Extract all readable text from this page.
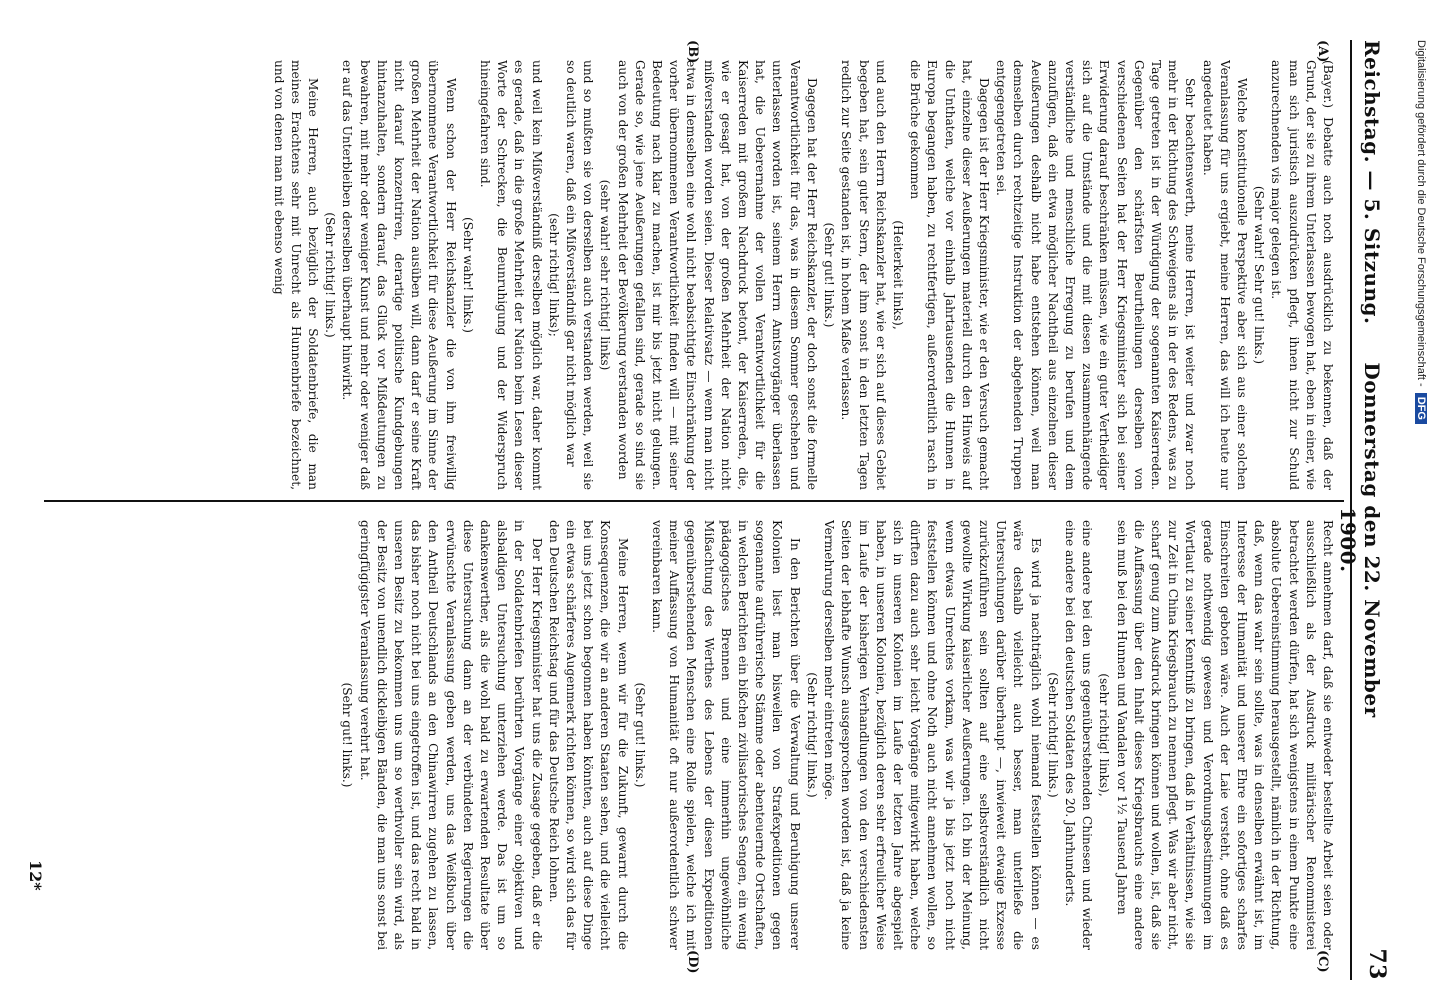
Reichstag. — 5. Sitzung.
Donnerstag den 22. November 1900.
73
(A)
(B)
(C)
(D)

(Bayer.) Debatte auch noch ausdrücklich zu bekennen, daß der Grund, der sie zu ihrem Unterlassen bewogen hat, eben in einer, wie man sich juristisch auszudrücken pflegt, ihnen nicht zur Schuld anzurechnenden vis major gelegen ist.

(Sehr wahr! Sehr gut! links.)

Welche konstitutionelle Perspektive aber sich aus einer solchen Veranlassung für uns ergiebt, meine Herren, das will ich heute nur angedeutet haben.

Sehr beachtenswerth, meine Herren, ist weiter und zwar noch mehr in der Richtung des Schweigens als in der des Redens, was zu Tage getreten ist in der Würdigung der sogenannten Kaiserreden. Gegenüber den schärfsten Beurtheilungen derselben von verschiedenen Seiten hat der Herr Kriegsminister sich bei seiner Erwiderung darauf beschränken müssen, wie ein guter Vertheidiger sich auf die Umstände und die mit diesen zusammenhängende verständliche und menschliche Erregung zu berufen und dem anzufügen, daß ein etwa möglicher Nachtheil aus einzelnen dieser Aeußerungen deshalb nicht habe entstehen können, weil man demselben durch rechtzeitige Instruktion der abgehenden Truppen entgegengetreten sei.

Dagegen ist der Herr Kriegsminister, wie er den Versuch gemacht hat, einzelne dieser Aeußerungen materiell durch den Hinweis auf die Unthaten, welche vor einhalb Jahrtausenden die Hunnen in Europa begangen haben, zu rechtfertigen, außerordentlich rasch in die Brüche gekommen

(Heiterkeit links),

und auch den Herrn Reichskanzler hat, wie er sich auf dieses Gebiet begeben hat, sein guter Stern, der ihm sonst in den letzten Tagen redlich zur Seite gestanden ist, in hohem Maße verlassen.

(Sehr gut! links.)

Dagegen hat der Herr Reichskanzler, der doch sonst die formelle Verantwortlichkeit für das, was in diesem Sommer geschehen und unterlassen worden ist, seinem Herrn Amtsvorgänger überlassen hat, die Ueberernahme der vollen Verantwortlichkeit für die Kaiserreden mit großem Nachdruck betont, der Kaiserreden, die, wie er gesagt hat, von der großen Mehrheit der Nation nicht mißverstanden worden seien. Dieser Relativsatz — wenn man nicht etwa in demselben eine wohl nicht beabsichtigte Einschränkung der vorher übernommenen Verantwortlichkeit finden will — mit seiner Bedeutung nach klar zu machen, ist mir bis jetzt nicht gelungen. Gerade so, wie jene Aeußerungen gefallen sind, gerade so sind sie auch von der großen Mehrheit der Bevölkerung verstanden worden

(sehr wahr! sehr richtig! links)

und so mußten sie von derselben auch verstanden werden, weil sie so deutlich waren, daß ein Mißverständniß gar nicht möglich war

(sehr richtig! links);

und weil kein Mißverständniß derselben möglich war, daher kommt es gerade, daß in die große Mehrheit der Nation beim Lesen dieser Worte der Schrecken, die Beunruhigung und der Widerspruch hineingefahren sind.

(Sehr wahr! links.)

Wenn schon der Herr Reichskanzler die von ihm freiwillig übernommene Verantwortlichkeit für diese Aeußerung im Sinne der großen Mehrheit der Nation ausüben will, dann darf er seine Kraft nicht darauf konzentriren, derartige politische Kundgebungen hintanzuhalten, sondern darauf, das Glück vor Mißdeutungen zu bewahren, mit mehr oder weniger Kunst und mehr oder weniger daß er auf das Unterbleiben derselben überhaupt hinwirkt.

(Sehr richtig! links.)

Meine Herren, auch bezüglich der Soldatenbriefe, die man meines Erachtens sehr mit Unrecht als Hunnenbriefe bezeichnet, und von denen man mit ebenso wenig

Recht annehmen darf, daß sie entweder bestellte Arbeit seien oder ausschließlich als der Ausdruck militärischer Renommisterei betrachtet werden dürfen, hat sich wenigstens in einem Punkte eine absolute Uebereinstimmung herausgestellt, nämlich in der Richtung, daß, wenn das wahr sein sollte, was in denselben erwähnt ist, im Interesse der Humanität und unserer Ehre ein sofortiges scharfes Einschreiten geboten wäre. Auch der Laie versteht, ohne daß es gerade nothwendig gewesen und Verordnungsbestimmungen im Wortlaut zu seiner Kenntniß zu bringen, daß in Verhältnissen, wie sie zur Zeit in China Kriegsbrauch zu nennen pflegt. Was wir aber nicht, scharf genug zum Ausdruck bringen können und wollen, ist, daß sie die Auffassung über den Inhalt dieses Kriegsbrauchs eine andere sein muß bei den Hunnen und Vandalen vor 1½ Tausend Jahren

(sehr richtig! links),

eine andere bei den uns gegenüberstehenden Chinesen und wieder eine andere bei den deutschen Soldaten des 20. Jahrhunderts.

(Sehr richtig! links.)

Es wird ja nachträglich wohl niemand feststellen können — es wäre deshalb vielleicht auch besser, man unterließe die Untersuchungen darüber überhaupt —, inwieweit etwaige Exzesse zurückzuführen sein sollten auf eine selbstverständlich nicht gewollte Wirkung kaiserlicher Aeußerungen. Ich bin der Meinung, wenn etwas Unrechtes vorkam, was wir ja bis jetzt noch nicht feststellen können und ohne Noth auch nicht annehmen wollen, so dürften dazu auch sehr leicht Vorgänge mitgewirkt haben, welche sich in unseren Kolonien im Laufe der letzten Jahre abgespielt haben, in unseren Kolonien, bezüglich deren sehr erfreulicher Weise im Laufe der bisherigen Verhandlungen von den verschiedensten Seiten der lebhafte Wunsch ausgesprochen worden ist, daß ja keine Vermehrung derselben mehr eintreten möge.

(Sehr richtig! links.)

In den Berichten über die Verwaltung und Beruhigung unserer Kolonien liest man bisweilen von Strafexpeditionen gegen sogenannte aufrührerische Stämme oder abenteuernde Ortschaften, in welchen Berichten ein bißchen zivilisatorisches Sengen, ein wenig pädagogisches Brennen und eine immerhin ungewöhnliche Mißachtung des Werthes des Lebens der diesen Expeditionen gegenüberstehenden Menschen eine Rolle spielen, welche ich mit meiner Auffassung von Humanität oft nur außerordentlich schwer vereinbaren kann.

(Sehr gut! links.)

Meine Herren, wenn wir für die Zukunft, gewarnt durch die Konsequenzen, die wir an anderen Staaten sehen, und die vielleicht bei uns jetzt schon begonnen haben könnten, auch auf diese Dinge ein etwas schärferes Augenmerk richten können, so wird sich das für den Deutschen Reichstag und für das Deutsche Reich lohnen.

Der Herr Kriegsminister hat uns die Zusage gegeben, daß er die in der Soldatenbriefen berührten Vorgänge einer objektiven und alsbaldigen Untersuchung unterziehen werde. Das ist um so dankenswerther, als die wohl bald zu erwartenden Resultate über diese Untersuchung dann an der verbündeten Regierungen die erwünschte Veranlassung geben werden, uns das Weißbuch über den Antheil Deutschlands an den Chinawirren zugehen zu lassen, das bisher noch nicht bei uns eingetroffen ist, und das recht bald in unseren Besitz zu bekommen uns um so werthvoller sein wird, als der Besitz von unendlich dickleibigen Bänden, die man uns sonst bei geringfügigster Veranlassung verehrt hat.

(Sehr gut! links.)

12*
Digitalisierung gefördert durch die Deutsche Forschungsgemeinschaft -DFG
